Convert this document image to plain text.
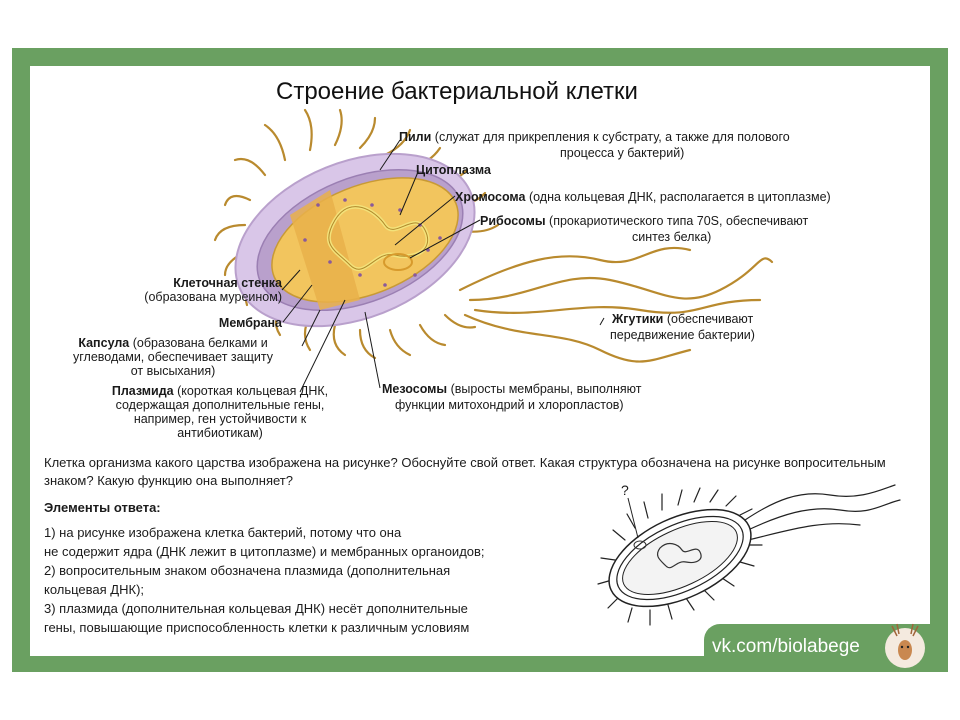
Строение бактериальной клетки
Пили (служат для прикрепления к субстрату, а также для полового
процесса у бактерий)
Цитоплазма
Хромосома (одна кольцевая ДНК, располагается в цитоплазме)
Рибосомы (прокариотического типа 70S, обеспечивают
синтез белка)
Жгутики (обеспечивают
передвижение бактерии)
Мезосомы (выросты мембраны, выполняют
функции митохондрий и хлоропластов)
Клеточная стенка
(образована муреином)
Мембрана
Капсула (образована белками и
углеводами, обеспечивает защиту
от высыхания)
Плазмида (короткая кольцевая ДНК,
содержащая дополнительные гены,
например, ген устойчивости к
антибиотикам)
Клетка организма какого царства изображена на рисунке? Обоснуйте свой ответ. Какая структура обозначена на рисунке вопросительным знаком? Какую функцию она выполняет?
Элементы ответа:
1) на рисунке изображена клетка бактерий, потому что она
не содержит ядра (ДНК лежит в цитоплазме) и мембранных органоидов;
2) вопросительным знаком обозначена плазмида (дополнительная
кольцевая ДНК);
3) плазмида (дополнительная кольцевая ДНК) несёт дополнительные
гены, повышающие приспособленность клетки к различным условиям
?
vk.com/biolabege
